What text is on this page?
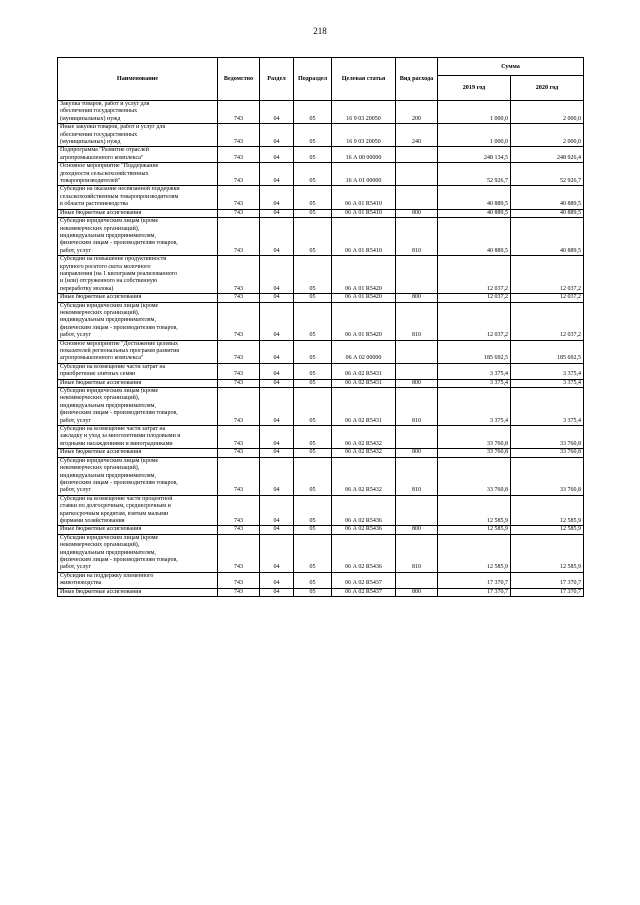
218
Наименование	Ведомство	Раздел	Подраздел	Целевая статья	Вид расхода	Сумма	
						2019 год	2020 год
Закупка товаров, работ и услуг для
обеспечения государственных
(муниципальных) нужд	743	04	05	16 9 03 20050	200	1 000,0	2 000,0
Иные закупки товаров, работ и услуг для
обеспечения государственных
(муниципальных) нужд	743	04	05	16 9 03 20050	240	1 000,0	2 000,0
Подпрограмма "Развитие отраслей
агропромышленного комплекса"	743	04	05	16 А 00 00000		248 134,5	248 926,4
Основное мероприятие "Поддержание
доходности сельскохозяйственных
товаропроизводителей"	743	04	05	16 А 01 00000		52 926,7	52 926,7
Субсидии на оказание несвязанной поддержки
сельскохозяйственным товаропроизводителям
в области растениеводства	743	04	05	06 А 01 R5410		40 889,5	40 889,5
Иные бюджетные ассигнования	743	04	05	06 А 01 R5410	800	40 889,5	40 889,5
Субсидии юридическим лицам (кроме
некоммерческих организаций),
индивидуальным предпринимателям,
физическим лицам - производителям товаров,
работ, услуг	743	04	05	06 А 01 R5410	810	40 889,5	40 889,5
Субсидии на повышение продуктивности
крупного рогатого скота молочного
направления (на 1 килограмм реализованного
и (или) отгруженного на собственную
переработку молока)	743	04	05	06 А 01 R5420		12 037,2	12 037,2
Иные бюджетные ассигнования	743	04	05	06 А 01 R5420	800	12 037,2	12 037,2
Субсидии юридическим лицам (кроме
некоммерческих организаций),
индивидуальным предпринимателям,
физическим лицам - производителям товаров,
работ, услуг	743	04	05	06 А 01 R5420	810	12 037,2	12 037,2
Основное мероприятие "Достижение целевых
показателей региональных программ развития
агропромышленного комплекса"	743	04	05	06 А 02 00000		185 692,5	185 692,5
Субсидии на возмещение части затрат на
приобретение элитных семян	743	04	05	06 А 02 R5431		3 375,4	3 375,4
Иные бюджетные ассигнования	743	04	05	06 А 02 R5431	800	3 375,4	3 375,4
Субсидии юридическим лицам (кроме
некоммерческих организаций),
индивидуальным предпринимателям,
физическим лицам - производителям товаров,
работ, услуг	743	04	05	06 А 02 R5431	810	3 375,4	3 375,4
Субсидии на возмещение части затрат на
закладку и уход за многолетними плодовыми и
ягодными насаждениями и виноградниками	743	04	05	06 А 02 R5432		33 760,8	33 760,8
Иные бюджетные ассигнования	743	04	05	06 А 02 R5432	800	33 760,8	33 760,8
Субсидии юридическим лицам (кроме
некоммерческих организаций),
индивидуальным предпринимателям,
физическим лицам - производителям товаров,
работ, услуг	743	04	05	06 А 02 R5432	810	33 760,8	33 760,8
Субсидии на возмещение части процентной
ставки по долгосрочным, среднесрочным и
краткосрочным кредитам, взятым малыми
формами хозяйствования	743	04	05	06 А 02 R5436		12 585,9	12 585,9
Иные бюджетные ассигнования	743	04	05	06 А 02 R5436	800	12 585,9	12 585,9
Субсидии юридическим лицам (кроме
некоммерческих организаций),
индивидуальным предпринимателям,
физическим лицам - производителям товаров,
работ, услуг	743	04	05	06 А 02 R5436	810	12 585,9	12 585,9
Субсидии на поддержку племенного
животноводства	743	04	05	06 А 02 R5437		17 370,7	17 370,7
Иные бюджетные ассигнования	743	04	05	06 А 02 R5437	800	17 370,7	17 370,7
